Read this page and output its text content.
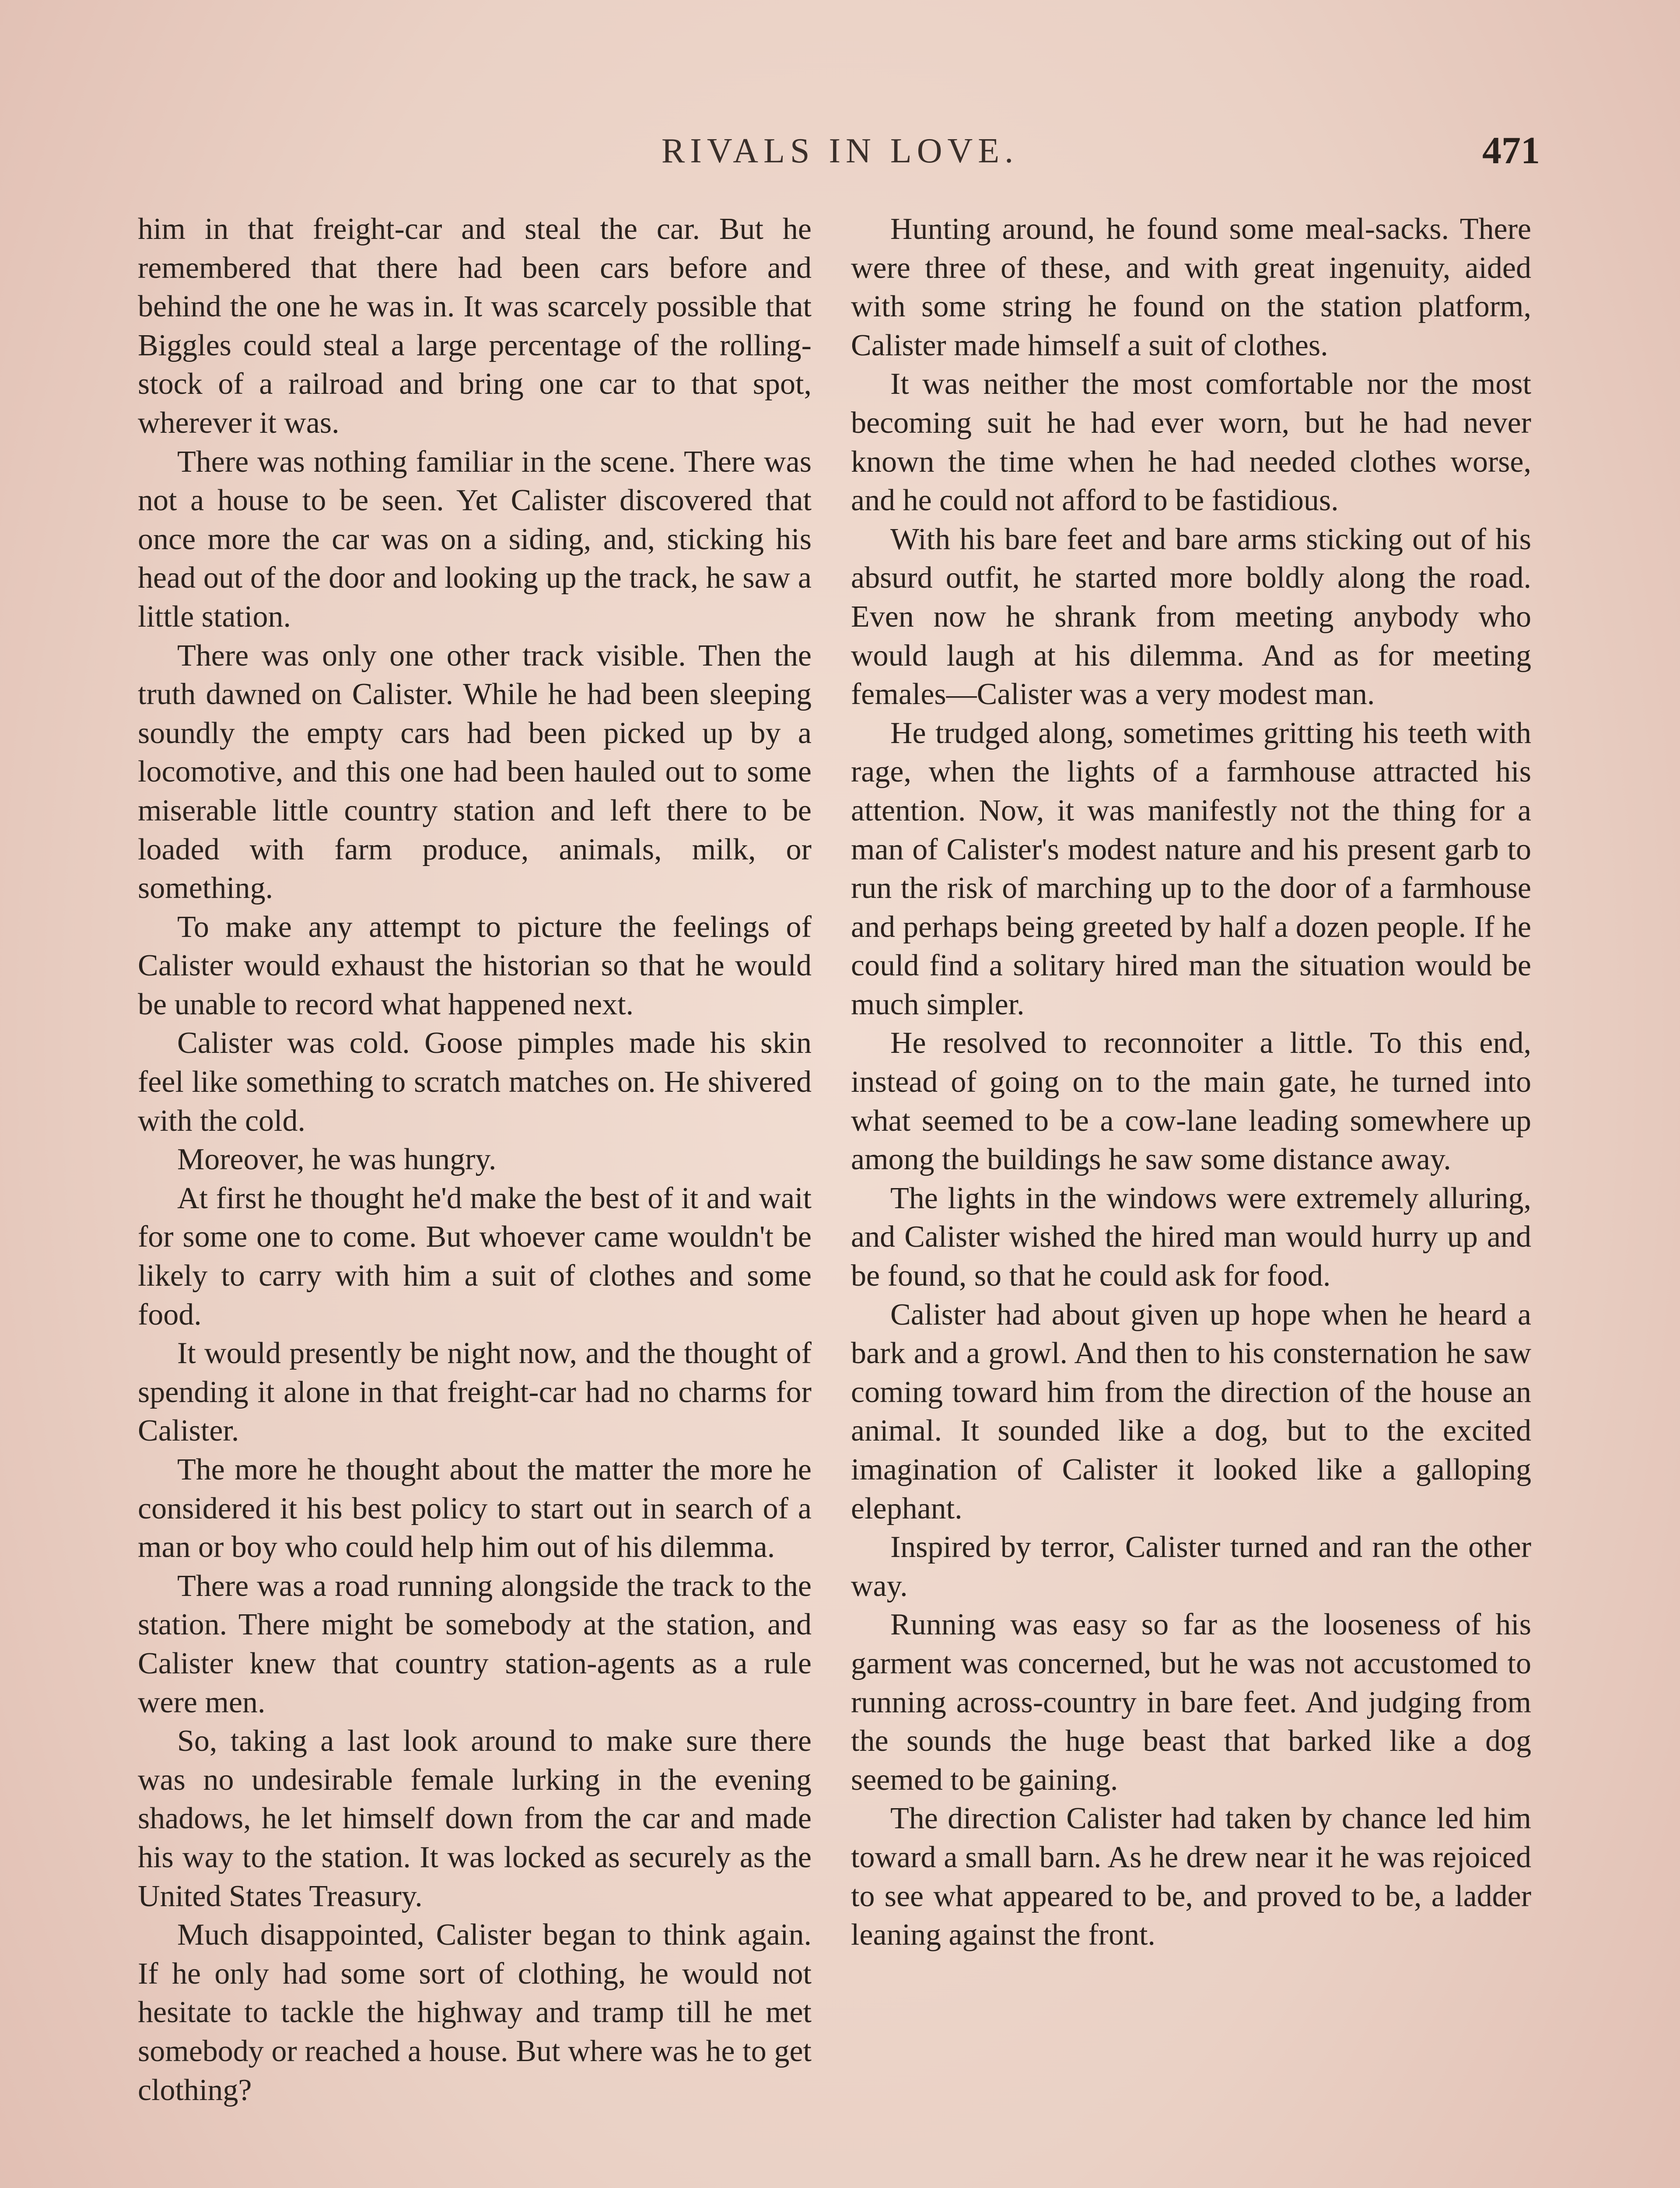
RIVALS IN LOVE.	471

him in that freight-car and steal the car. But he remembered that there had been cars before and behind the one he was in. It was scarcely possible that Biggles could steal a large percentage of the rolling-stock of a railroad and bring one car to that spot, wherever it was.

There was nothing familiar in the scene. There was not a house to be seen. Yet Calister discovered that once more the car was on a siding, and, sticking his head out of the door and looking up the track, he saw a little station.

There was only one other track visible. Then the truth dawned on Calister. While he had been sleeping soundly the empty cars had been picked up by a locomotive, and this one had been hauled out to some miserable little country station and left there to be loaded with farm produce, animals, milk, or something.

To make any attempt to picture the feelings of Calister would exhaust the historian so that he would be unable to record what happened next.

Calister was cold. Goose pimples made his skin feel like something to scratch matches on. He shivered with the cold.

Moreover, he was hungry.

At first he thought he'd make the best of it and wait for some one to come. But whoever came wouldn't be likely to carry with him a suit of clothes and some food.

It would presently be night now, and the thought of spending it alone in that freight-car had no charms for Calister.

The more he thought about the matter the more he considered it his best policy to start out in search of a man or boy who could help him out of his dilemma.

There was a road running alongside the track to the station. There might be somebody at the station, and Calister knew that country station-agents as a rule were men.

So, taking a last look around to make sure there was no undesirable female lurking in the evening shadows, he let himself down from the car and made his way to the station. It was locked as securely as the United States Treasury.

Much disappointed, Calister began to think again. If he only had some sort of clothing, he would not hesitate to tackle the highway and tramp till he met somebody or reached a house. But where was he to get clothing?

Hunting around, he found some meal-sacks. There were three of these, and with great ingenuity, aided with some string he found on the station platform, Calister made himself a suit of clothes.

It was neither the most comfortable nor the most becoming suit he had ever worn, but he had never known the time when he had needed clothes worse, and he could not afford to be fastidious.

With his bare feet and bare arms sticking out of his absurd outfit, he started more boldly along the road. Even now he shrank from meeting anybody who would laugh at his dilemma. And as for meeting females—Calister was a very modest man.

He trudged along, sometimes gritting his teeth with rage, when the lights of a farmhouse attracted his attention. Now, it was manifestly not the thing for a man of Calister's modest nature and his present garb to run the risk of marching up to the door of a farmhouse and perhaps being greeted by half a dozen people. If he could find a solitary hired man the situation would be much simpler.

He resolved to reconnoiter a little. To this end, instead of going on to the main gate, he turned into what seemed to be a cow-lane leading somewhere up among the buildings he saw some distance away.

The lights in the windows were extremely alluring, and Calister wished the hired man would hurry up and be found, so that he could ask for food.

Calister had about given up hope when he heard a bark and a growl. And then to his consternation he saw coming toward him from the direction of the house an animal. It sounded like a dog, but to the excited imagination of Calister it looked like a galloping elephant.

Inspired by terror, Calister turned and ran the other way.

Running was easy so far as the looseness of his garment was concerned, but he was not accustomed to running across-country in bare feet. And judging from the sounds the huge beast that barked like a dog seemed to be gaining.

The direction Calister had taken by chance led him toward a small barn. As he drew near it he was rejoiced to see what appeared to be, and proved to be, a ladder leaning against the front.
